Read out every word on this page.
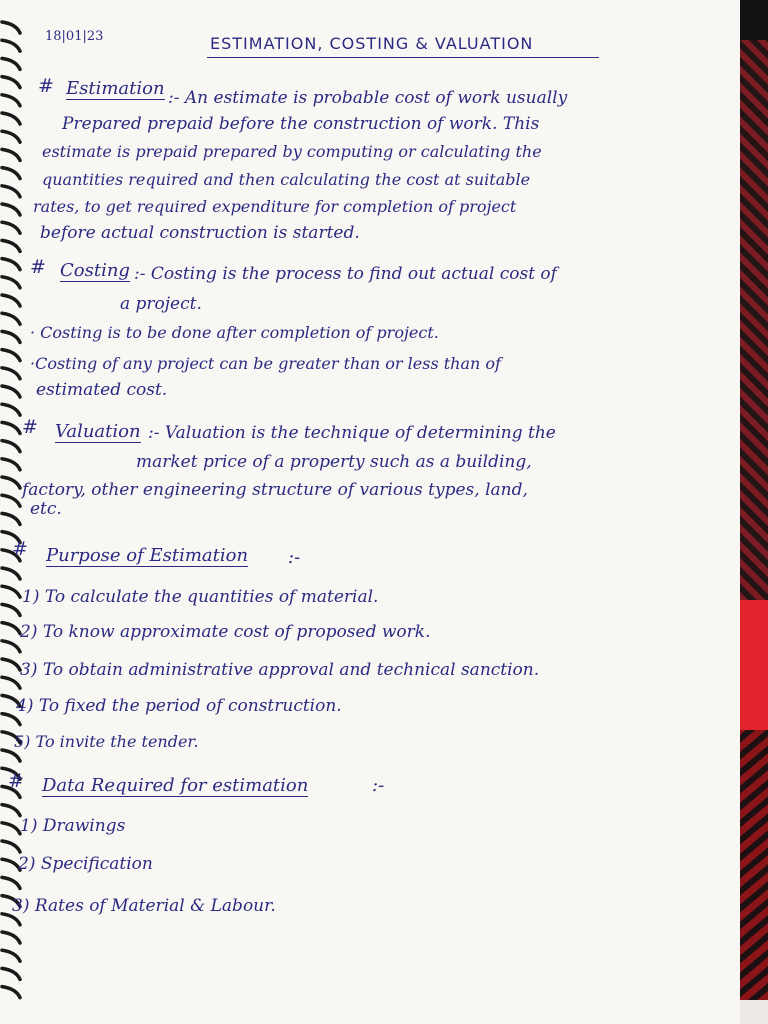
18|01|23	ESTIMATION, COSTING & VALUATION
# Estimation :- An estimate is probable cost of work usually
Prepared prepaid before the construction of work. This
estimate is prepaid prepared by computing or calculating the
quantities required and then calculating the cost at suitable
rates, to get required expenditure for completion of project
before actual construction is started.
# Costing :- Costing is the process to find out actual cost of
a project.
· Costing is to be done after completion of project.
·Costing of any project can be greater than or less than of
estimated cost.
# Valuation :- Valuation is the technique of determining the
market price of a property such as a building,
factory, other engineering structure of various types, land,
etc.
# Purpose of Estimation :-
1) To calculate the quantities of material.
2) To know approximate cost of proposed work.
3) To obtain administrative approval and technical sanction.
4) To fixed the period of construction.
5) To invite the tender.
# Data Required for estimation	:-
1) Drawings
2) Specification
3) Rates of Material & Labour.
